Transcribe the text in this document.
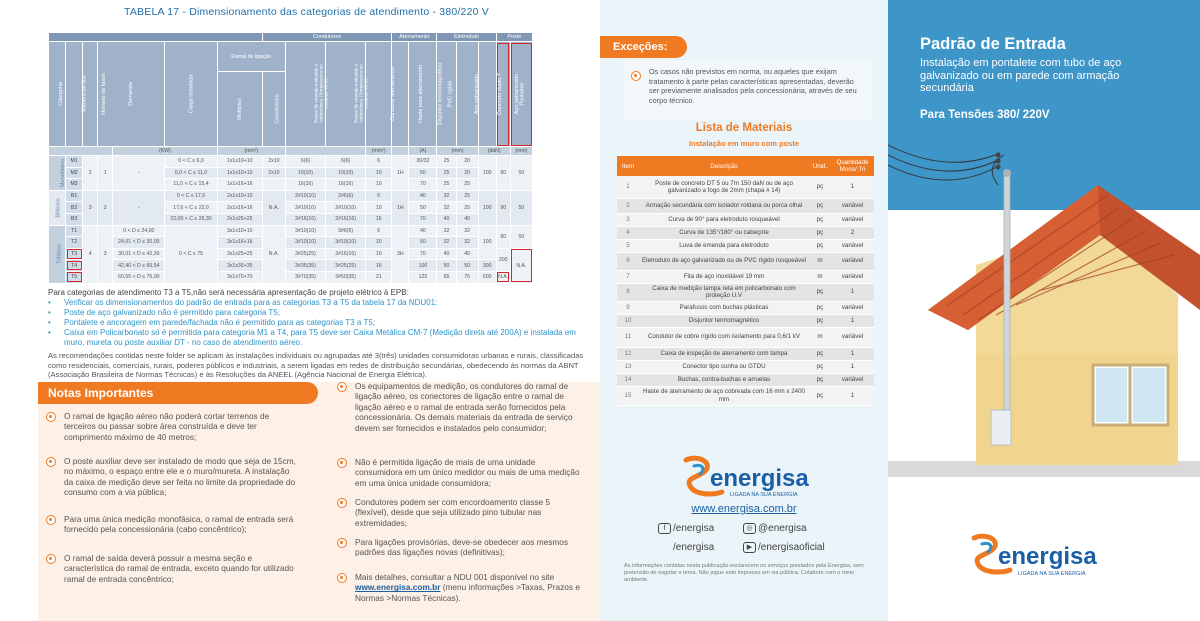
TABELA 17 - Dimensionamento das categorias de atendimento - 380/220 V
							Condutores				Aterramento		Eletroduto			Poste	
Categoria	Número de fios	Número de fases	Demanda		Carga instalada	Ramal de ligação		Ramal de entrada embutido e subterrâneo (Temperatura no condutor 70°C)	Ramal de entrada embutido e subterrâneo (Temperatura no condutor 90°C)	Condutor aterramento	Haste para aterramento	Disjuntor termomagnético	PVC rígido	Aço galvanizado	Concreto duplo T	Aço galvanizado	Pontalete
						Multiplex	Concêntrico										
				(KW)		(mm²)				(mm²)		(A)	(mm)		(daN)		(mm)
Monofásico	M1	2	1	-	0 < C ≤ 6,0	1x1x10+10	2x10	6(6)	6(6)	6	1H	30/32	25	20	100	90	50
	M2				6,0 < C ≤ 11,0	1x1x10+10	2x10	10(10)	10(10)	10		50	25	20			
	M3				11,0 < C ≤ 15,4	1x1x16+16		16(16)	16(16)	10		70	25	25			
Bifásico	B1	3	2	-	0 < C ≤ 17,6	2x1x10+10	N.A.	2#10(10)	2#6(6)	6	1H	40	32	25	100	90	50
	B2				17,6 < C ≤ 22,0	2x1x16+16		2#10(10)	2#10(10)	10		50	32	25			
	B3				22,00 < C ≤ 26,30	2x1x25+25		2#16(16)	2#16(16)	16		70	40	40			
Trifásico	T1	4	3	0 < D ≤ 24,00	0 < C ≤ 75	3x1x10+10	N.A.	3#10(10)	3#6(6)	6	3H	40	32	32	100	90	50
	T2			24,01 < D ≤ 30,00		3x1x16+16		3#10(10)	3#10(10)	10		50	32	32			
	T3			30,01 < D ≤ 42,39		3x1x25+25		3#25(25)	3#16(16)	10		70	40	40		200	N.A.
	T4			42,40 < D ≤ 60,54		3x1x35+35		3#35(35)	3#25(25)	16		100	50	50	300		
	T5			60,55 < D ≤ 75,00		3x1x70+70		3#70(35)	3#50(35)	21		125	65	75	600	N.A.	
Para categorias de atendimento T3 a T5,não será necessária apresentação de projeto elétrico à EPB:
• Verificar os dimensionamentos do padrão de entrada para as categorias T3 a T5 da tabela 17 da NDU01;
• Poste de aço galvanizado não é permitido para categoria T5;
• Pontalete e ancoragem em parede/fachada não é permitido para as categorias T3 a T5;
• Caixa em Policarbonato só é permitida para categoria M1 a T4, para T5 deve ser Caixa Metálica CM-7 (Medição direta até 200A) e instalada em muro, mureta ou poste auxiliar DT - no caso de atendimento aéreo.
As recomendações contidas neste folder se aplicam às instalações individuais ou agrupadas até 3(três) unidades consumidoras urbanas e rurais, classificadas como residenciais, comerciais, rurais, poderes públicos e industriais, a serem ligadas em redes de distribuição secundárias, obedecendo às normas da ABNT (Associação Brasileira de Normas Técnicas) e às Resoluções da ANEEL (Agência Nacional de Energia Elétrica).
Notas Importantes
O ramal de ligação aéreo não poderá cortar terrenos de terceiros ou passar sobre área construída e deve ter comprimento máximo de 40 metros;
O poste auxiliar deve ser instalado de modo que seja de 15cm, no máximo, o espaço entre ele e o muro/mureta. A instalação da caixa de medição deve ser feita no limite da propriedade do consumo com a via pública;
Para uma única medição monofásica, o ramal de entrada será fornecido pela concessionária (cabo concêntrico);
O ramal de saída deverá possuir a mesma seção e característica do ramal de entrada, exceto quando for utilizado ramal de entrada concêntrico;
Os equipamentos de medição, os condutores do ramal de ligação aéreo, os conectores de ligação entre o ramal de ligação aéreo e o ramal de entrada serão fornecidos pela concessionária. Os demais materiais da entrada de serviço devem ser fornecidos e instalados pelo consumidor;
Não é permitida ligação de mais de uma unidade consumidora em um único medidor ou mais de uma medição em uma única unidade consumidora;
Condutores podem ser com encordoamento classe 5 (flexível), desde que seja utilizado pino tubular nas extremidades;
Para ligações provisórias, deve-se obedecer aos mesmos padrões das ligações novas (definitivas);
Mais detalhes, consultar a NDU 001 disponível no site www.energisa.com.br (menu informações >Taxas, Prazos e Normas >Normas Técnicas).
Exceções:
Os casos não previstos em norma, ou aqueles que exijam tratamento à parte pelas características apresentadas, deverão ser previamente analisados pela concessionária, através de seu corpo técnico.
Lista de Materiais
Instalação em muro com poste
Item	Descrição	Unid.	Quantidade Mono/ Tri
1	Poste de concreto DT 5 ou 7m 150 daN ou de aço galvanizado a fogo de 2mm (chapa # 14)	pç	1
2	Armação secundária com isolador roldana ou porca olhal	pç	variável
3	Curva de 90° para eletroduto rosqueável	pç	variável
4	Curva de 135°/180° ou cabeçote	pç	2
5	Luva de emenda para eletroduto	pç	variável
6	Eletroduto de aço galvanizado ou de PVC rígido rosqueável	m	variável
7	Fita de aço inoxidável 19 mm	m	variável
8	Caixa de medição tampa reta em policarbonato com proteção U.V	pç	1
9	Parafusos com buchas plásticas	pç	variável
10	Disjuntor termomagnético	pç	1
11	Condutor de cobre rígido com isolamento para 0,6/1 kV	m	variável
12	Caixa de inspeção de aterramento com tampa	pç	1
13	Conector tipo cunha ou GTDU	pç	1
14	Buchas, contra-buchas e arruelas	pç	variável
15	Haste de aterramento de aço cobreada com 16 mm x 2400 mm	pç	1
energisa
LIGADA NA SUA ENERGIA
www.energisa.com.br
f /energisa	◎ @energisa
/energisa	▶ /energisaoficial
As informações contidas nesta publicação esclarecem os serviços prestados pela Energisa, sem pretensão de esgotar o tema. Não jogue este impresso em via pública. Colabore com o meio ambiente.
Padrão de Entrada
Instalação em pontalete com tubo de aço galvanizado ou em parede com armação secundária
Para Tensões 380/ 220V
energisa
LIGADA NA SUA ENERGIA
